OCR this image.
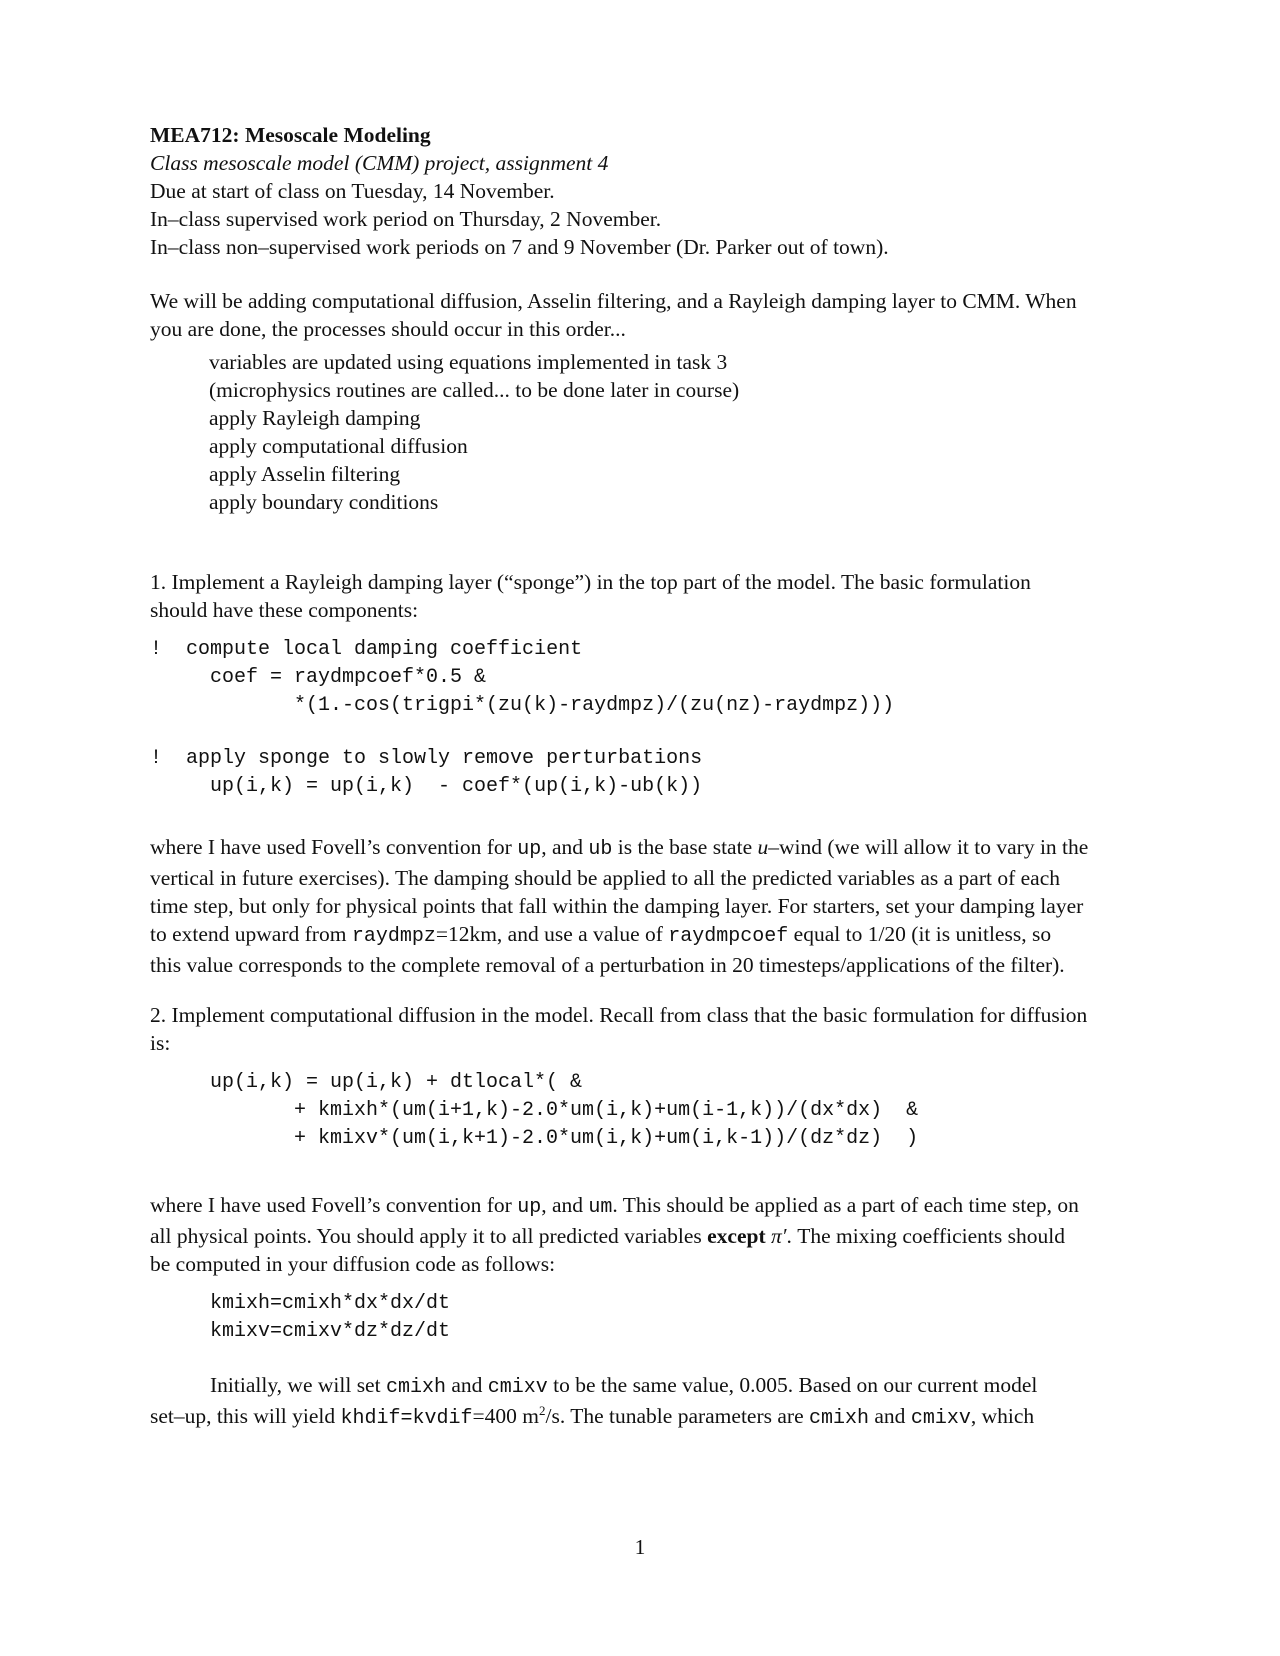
MEA712: Mesoscale Modeling
Class mesoscale model (CMM) project, assignment 4
Due at start of class on Tuesday, 14 November.
In–class supervised work period on Thursday, 2 November.
In–class non–supervised work periods on 7 and 9 November (Dr. Parker out of town).
We will be adding computational diffusion, Asselin filtering, and a Rayleigh damping layer to CMM. When
you are done, the processes should occur in this order...
variables are updated using equations implemented in task 3
(microphysics routines are called... to be done later in course)
apply Rayleigh damping
apply computational diffusion
apply Asselin filtering
apply boundary conditions
1. Implement a Rayleigh damping layer (“sponge”) in the top part of the model. The basic formulation
should have these components:
!  compute local damping coefficient
coef = raydmpcoef*0.5 &
*(1.-cos(trigpi*(zu(k)-raydmpz)/(zu(nz)-raydmpz)))
!  apply sponge to slowly remove perturbations
up(i,k) = up(i,k)  - coef*(up(i,k)-ub(k))
where I have used Fovell’s convention for up, and ub is the base state u–wind (we will allow it to vary in the
vertical in future exercises). The damping should be applied to all the predicted variables as a part of each
time step, but only for physical points that fall within the damping layer. For starters, set your damping layer
to extend upward from raydmpz=12km, and use a value of raydmpcoef equal to 1/20 (it is unitless, so
this value corresponds to the complete removal of a perturbation in 20 timesteps/applications of the filter).
2. Implement computational diffusion in the model. Recall from class that the basic formulation for diffusion
is:
up(i,k) = up(i,k) + dtlocal*( &
+ kmixh*(um(i+1,k)-2.0*um(i,k)+um(i-1,k))/(dx*dx)  &
+ kmixv*(um(i,k+1)-2.0*um(i,k)+um(i,k-1))/(dz*dz)  )
where I have used Fovell’s convention for up, and um. This should be applied as a part of each time step, on
all physical points. You should apply it to all predicted variables except π′. The mixing coefficients should
be computed in your diffusion code as follows:
kmixh=cmixh*dx*dx/dt
kmixv=cmixv*dz*dz/dt
Initially, we will set cmixh and cmixv to be the same value, 0.005. Based on our current model
set–up, this will yield khdif=kvdif=400 $m^2/s$. The tunable parameters are cmixh and cmixv, which
1
